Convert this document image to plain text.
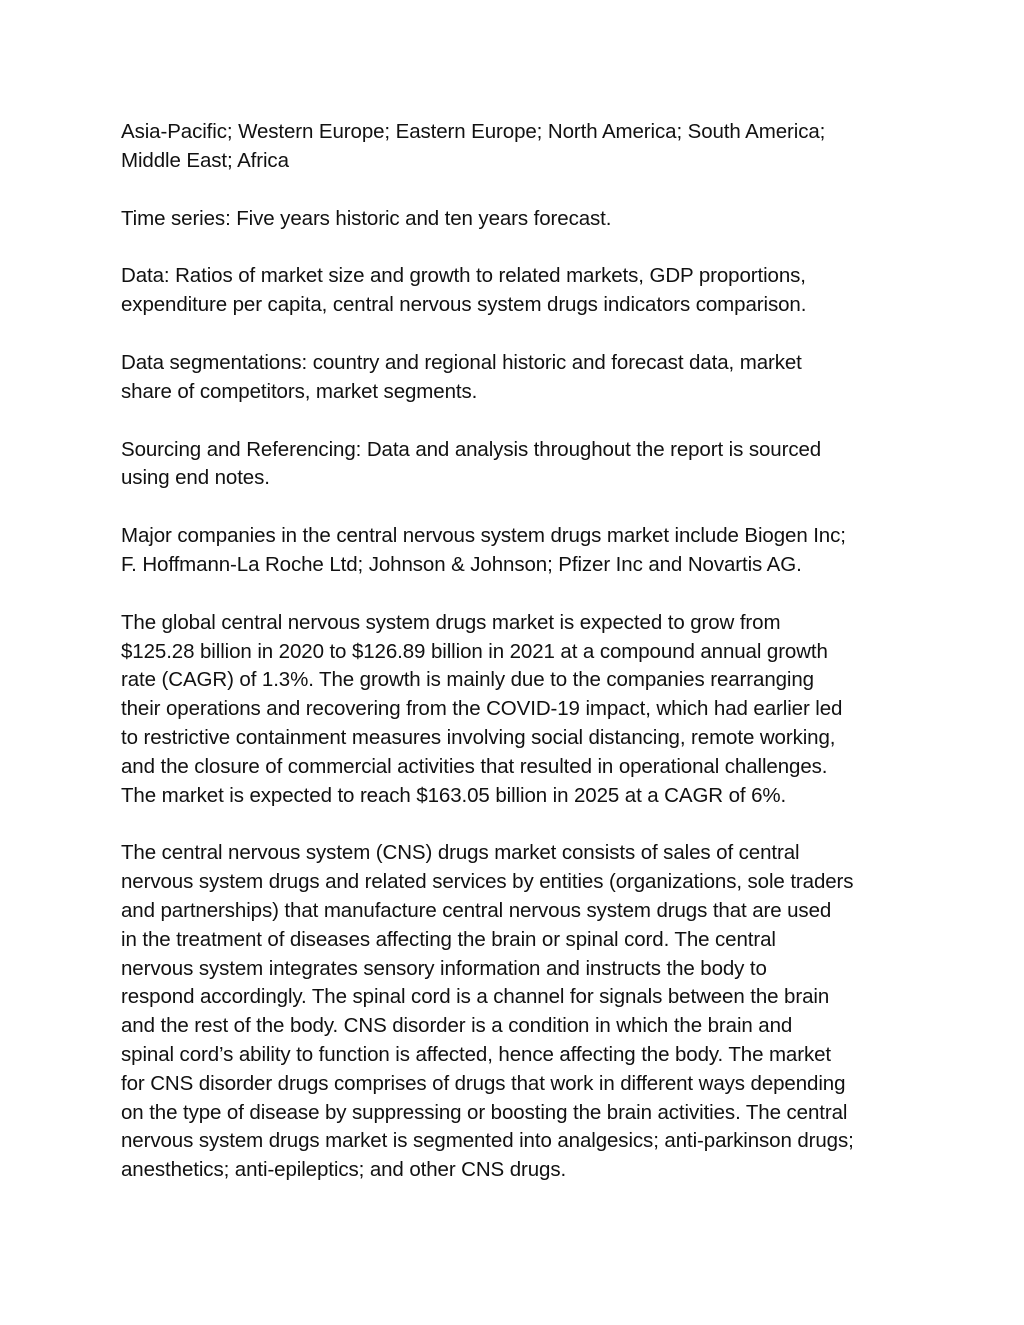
Asia-Pacific; Western Europe; Eastern Europe; North America; South America;
Middle East; Africa

Time series: Five years historic and ten years forecast.

Data: Ratios of market size and growth to related markets, GDP proportions,
expenditure per capita, central nervous system drugs indicators comparison.

Data segmentations: country and regional historic and forecast data, market
share of competitors, market segments.

Sourcing and Referencing: Data and analysis throughout the report is sourced
using end notes.

Major companies in the central nervous system drugs market include Biogen Inc;
F. Hoffmann-La Roche Ltd; Johnson & Johnson; Pfizer Inc and Novartis AG.

The global central nervous system drugs market is expected to grow from
$125.28 billion in 2020 to $126.89 billion in 2021 at a compound annual growth
rate (CAGR) of 1.3%. The growth is mainly due to the companies rearranging
their operations and recovering from the COVID-19 impact, which had earlier led
to restrictive containment measures involving social distancing, remote working,
and the closure of commercial activities that resulted in operational challenges.
The market is expected to reach $163.05 billion in 2025 at a CAGR of 6%.

The central nervous system (CNS) drugs market consists of sales of central
nervous system drugs and related services by entities (organizations, sole traders
and partnerships) that manufacture central nervous system drugs that are used
in the treatment of diseases affecting the brain or spinal cord. The central
nervous system integrates sensory information and instructs the body to
respond accordingly. The spinal cord is a channel for signals between the brain
and the rest of the body. CNS disorder is a condition in which the brain and
spinal cord’s ability to function is affected, hence affecting the body. The market
for CNS disorder drugs comprises of drugs that work in different ways depending
on the type of disease by suppressing or boosting the brain activities. The central
nervous system drugs market is segmented into analgesics; anti-parkinson drugs;
anesthetics; anti-epileptics; and other CNS drugs.
